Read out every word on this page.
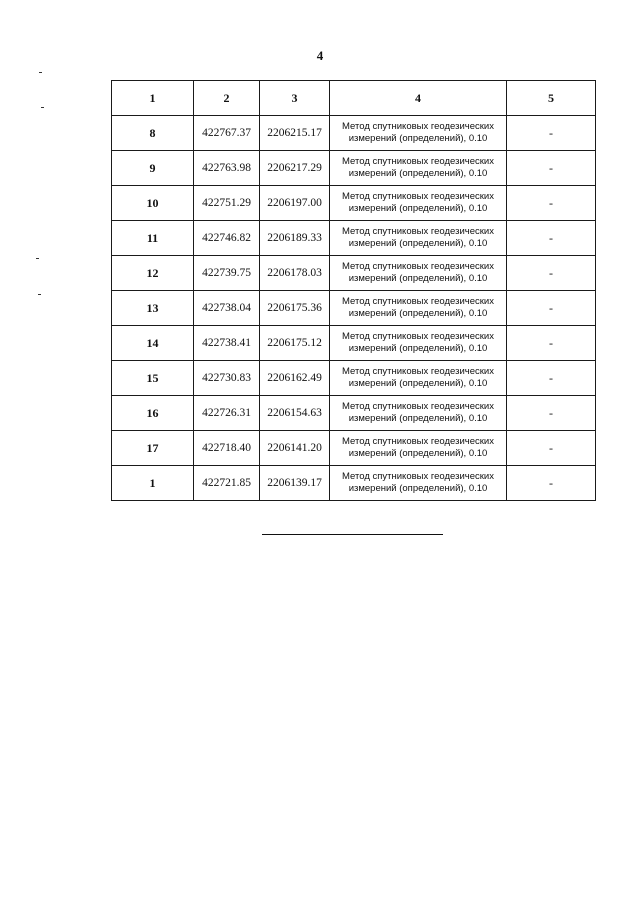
4
1	2	3	4	5
8	422767.37	2206215.17	Метод спутниковых геодезических
измерений (определений), 0.10	-
9	422763.98	2206217.29	Метод спутниковых геодезических
измерений (определений), 0.10	-
10	422751.29	2206197.00	Метод спутниковых геодезических
измерений (определений), 0.10	-
11	422746.82	2206189.33	Метод спутниковых геодезических
измерений (определений), 0.10	-
12	422739.75	2206178.03	Метод спутниковых геодезических
измерений (определений), 0.10	-
13	422738.04	2206175.36	Метод спутниковых геодезических
измерений (определений), 0.10	-
14	422738.41	2206175.12	Метод спутниковых геодезических
измерений (определений), 0.10	-
15	422730.83	2206162.49	Метод спутниковых геодезических
измерений (определений), 0.10	-
16	422726.31	2206154.63	Метод спутниковых геодезических
измерений (определений), 0.10	-
17	422718.40	2206141.20	Метод спутниковых геодезических
измерений (определений), 0.10	-
1	422721.85	2206139.17	Метод спутниковых геодезических
измерений (определений), 0.10	-
